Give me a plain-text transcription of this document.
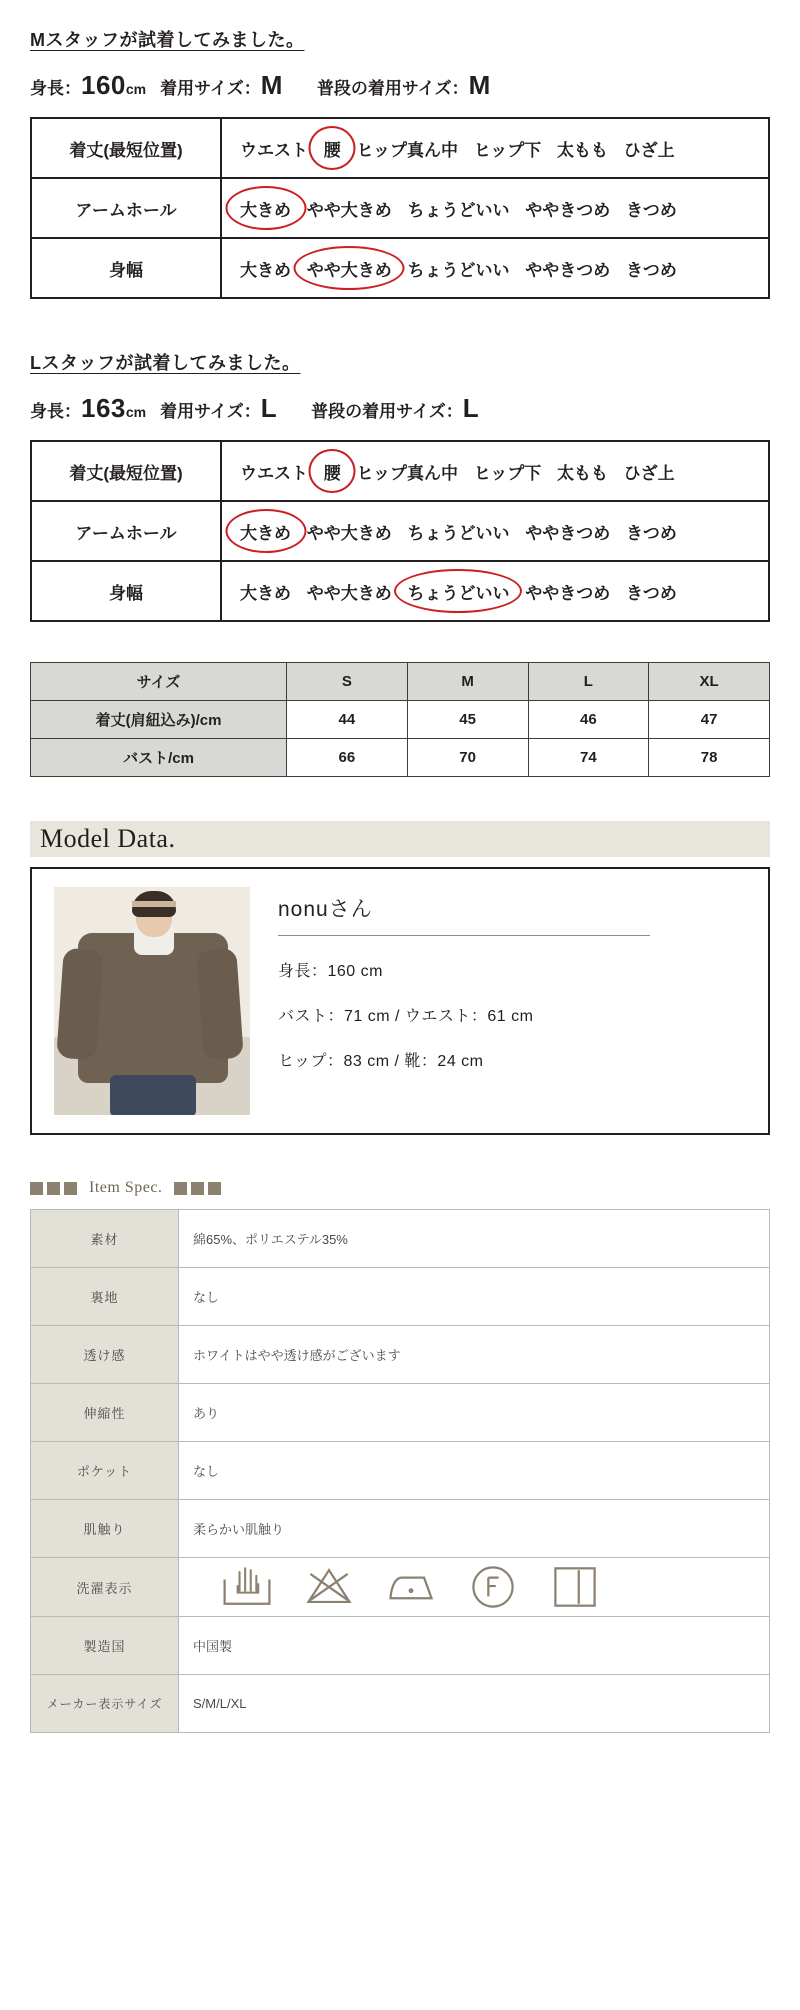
Mスタッフが試着してみました。
身長： 160 cm 着用サイズ： M 普段の着用サイズ： M
着丈(最短位置)	ウエスト 腰 ヒップ真ん中 ヒップ下 太もも ひざ上
アームホール	大きめ やや大きめ ちょうどいい ややきつめ きつめ
身幅	大きめ やや大きめ ちょうどいい ややきつめ きつめ
Lスタッフが試着してみました。
身長： 163 cm 着用サイズ： L 普段の着用サイズ： L
着丈(最短位置)	ウエスト 腰 ヒップ真ん中 ヒップ下 太もも ひざ上
アームホール	大きめ やや大きめ ちょうどいい ややきつめ きつめ
身幅	大きめ やや大きめ ちょうどいい ややきつめ きつめ
サイズ	S	M	L	XL
着丈(肩紐込み)/cm	44	45	46	47
バスト/cm	66	70	74	78
Model Data.
nonuさん
身長：160 cm
バスト：71 cm / ウエスト：61 cm
ヒップ：83 cm / 靴：24 cm
Item Spec.
素材	綿65%、ポリエステル35%
裏地	なし
透け感	ホワイトはやや透け感がございます
伸縮性	あり
ポケット	なし
肌触り	柔らかい肌触り
洗濯表示	

製造国	中国製
メーカー表示サイズ	S/M/L/XL
